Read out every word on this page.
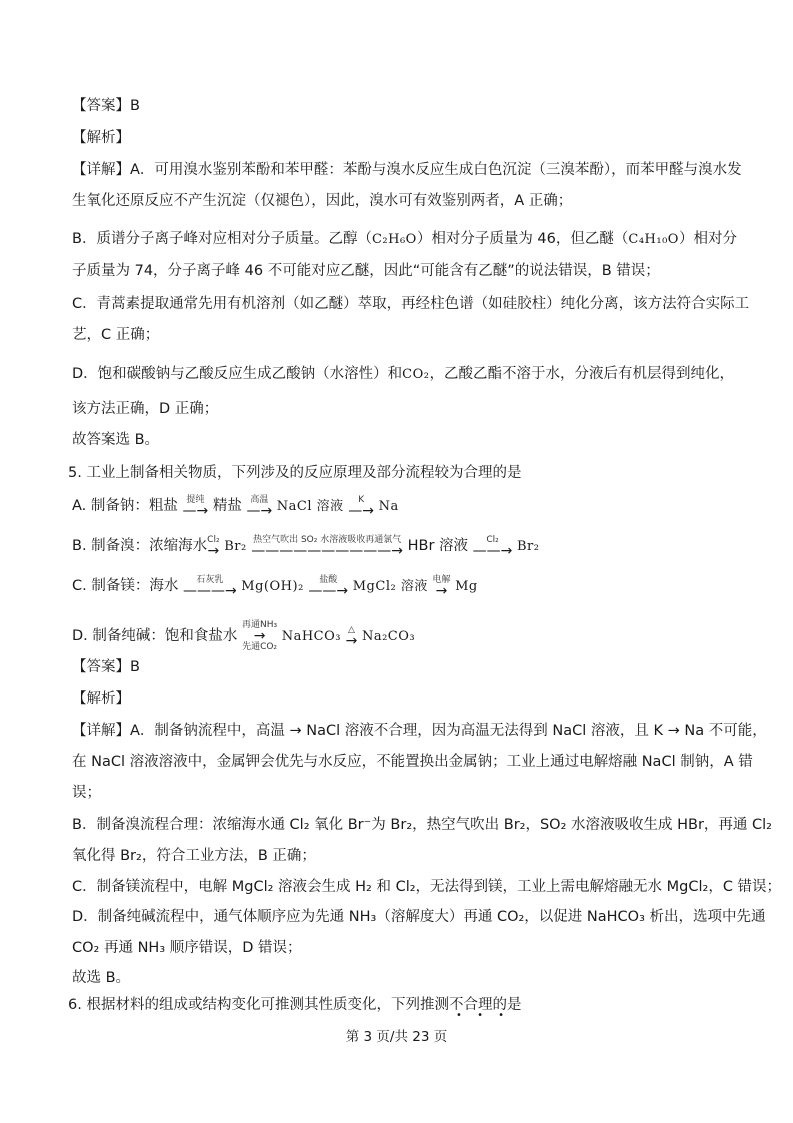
【答案】B
【解析】
【详解】A．可用溴水鉴别苯酚和苯甲醛：苯酚与溴水反应生成白色沉淀（三溴苯酚），而苯甲醛与溴水发
生氧化还原反应不产生沉淀（仅褪色），因此，溴水可有效鉴别两者，A 正确；
B．质谱分子离子峰对应相对分子质量。乙醇（C₂H₆O）相对分子质量为 46，但乙醚（C₄H₁₀O）相对分
子质量为 74，分子离子峰 46 不可能对应乙醚，因此“可能含有乙醚”的说法错误，B 错误；
C．青蒿素提取通常先用有机溶剂（如乙醚）萃取，再经柱色谱（如硅胶柱）纯化分离，该方法符合实际工
艺，C 正确；
D．饱和碳酸钠与乙酸反应生成乙酸钠（水溶性）和CO₂，乙酸乙酯不溶于水，分液后有机层得到纯化，
该方法正确，D 正确；
故答案选 B。
5. 工业上制备相关物质，下列涉及的反应原理及部分流程较为合理的是
A. 制备钠：粗盐 提纯
—→ 精盐 高温
—→ NaCl 溶液	K
—→ Na
B. 制备溴：浓缩海水 Cl₂
→ Br₂ 热空气吹出 SO₂ 水溶液吸收再通氯气
——————————→ HBr 溶液	Cl₂
——→ Br₂
C. 制备镁：海水	石灰乳
———→ Mg(OH)₂	盐酸
——→ MgCl₂ 溶液 电解
→ Mg
D. 制备纯碱：饱和食盐水
再通NH₃
→
先通CO₂
NaHCO₃ △
→ Na₂CO₃
【答案】B
【解析】
【详解】A．制备钠流程中，高温 → NaCl 溶液不合理，因为高温无法得到 NaCl 溶液，且 K → Na 不可能，
在 NaCl 溶液溶液中，金属钾会优先与水反应，不能置换出金属钠；工业上通过电解熔融 NaCl 制钠，A 错
误；
B．制备溴流程合理：浓缩海水通 Cl₂ 氧化 Br⁻为 Br₂，热空气吹出 Br₂，SO₂ 水溶液吸收生成 HBr，再通 Cl₂
氧化得 Br₂，符合工业方法，B 正确；
C．制备镁流程中，电解 MgCl₂ 溶液会生成 H₂ 和 Cl₂，无法得到镁，工业上需电解熔融无水 MgCl₂，C 错误；
D．制备纯碱流程中，通气体顺序应为先通 NH₃（溶解度大）再通 CO₂，以促进 NaHCO₃ 析出，选项中先通
CO₂ 再通 NH₃ 顺序错误，D 错误；
故选 B。
6. 根据材料的组成或结构变化可推测其性质变化，下列推测不合理的是
• • •
第 3 页/共 23 页
